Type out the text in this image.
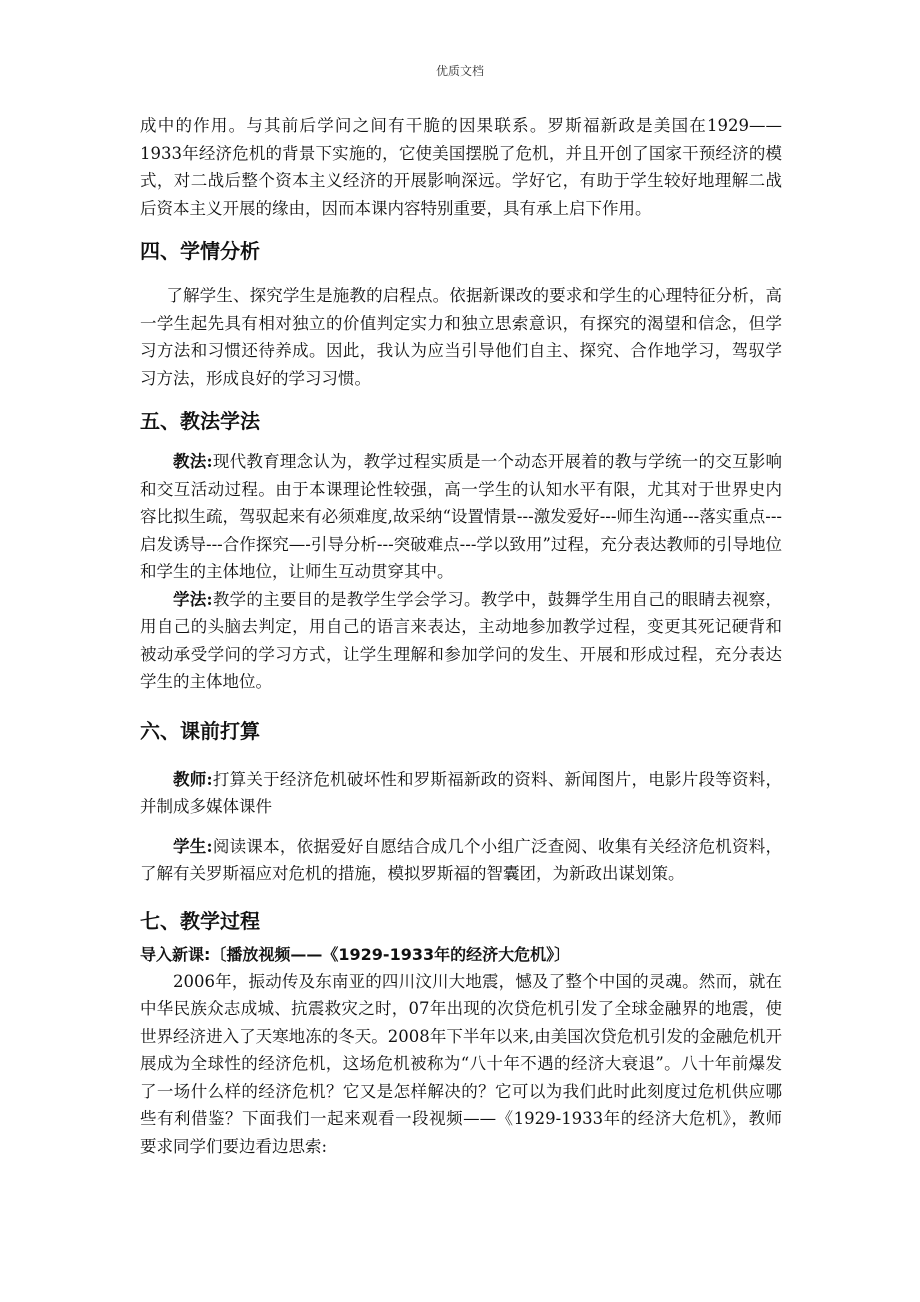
优质文档

成中的作用。与其前后学问之间有干脆的因果联系。罗斯福新政是美国在1929——1933年经济危机的背景下实施的，它使美国摆脱了危机，并且开创了国家干预经济的模式，对二战后整个资本主义经济的开展影响深远。学好它，有助于学生较好地理解二战后资本主义开展的缘由，因而本课内容特别重要，具有承上启下作用。

四、学情分析

了解学生、探究学生是施教的启程点。依据新课改的要求和学生的心理特征分析，高一学生起先具有相对独立的价值判定实力和独立思索意识，有探究的渴望和信念，但学习方法和习惯还待养成。因此，我认为应当引导他们自主、探究、合作地学习，驾驭学习方法，形成良好的学习习惯。

五、教法学法

教法:现代教育理念认为，教学过程实质是一个动态开展着的教与学统一的交互影响和交互活动过程。由于本课理论性较强，高一学生的认知水平有限，尤其对于世界史内容比拟生疏，驾驭起来有必须难度,故采纳“设置情景---激发爱好---师生沟通---落实重点---启发诱导---合作探究—-引导分析---突破难点---学以致用”过程，充分表达教师的引导地位和学生的主体地位，让师生互动贯穿其中。

学法:教学的主要目的是教学生学会学习。教学中，鼓舞学生用自己的眼睛去视察，用自己的头脑去判定，用自己的语言来表达，主动地参加教学过程，变更其死记硬背和被动承受学问的学习方式，让学生理解和参加学问的发生、开展和形成过程，充分表达学生的主体地位。

六、课前打算

教师:打算关于经济危机破坏性和罗斯福新政的资料、新闻图片，电影片段等资料，并制成多媒体课件

学生:阅读课本，依据爱好自愿结合成几个小组广泛查阅、收集有关经济危机资料，了解有关罗斯福应对危机的措施，模拟罗斯福的智囊团，为新政出谋划策。

七、教学过程
导入新课:〔播放视频——《1929-1933年的经济大危机》〕

2006年，振动传及东南亚的四川汶川大地震，憾及了整个中国的灵魂。然而，就在中华民族众志成城、抗震救灾之时，07年出现的次贷危机引发了全球金融界的地震，使世界经济进入了天寒地冻的冬天。2008年下半年以来,由美国次贷危机引发的金融危机开展成为全球性的经济危机，这场危机被称为“八十年不遇的经济大衰退”。八十年前爆发了一场什么样的经济危机？它又是怎样解决的？它可以为我们此时此刻度过危机供应哪些有利借鉴？下面我们一起来观看一段视频——《1929-1933年的经济大危机》，教师要求同学们要边看边思索:
